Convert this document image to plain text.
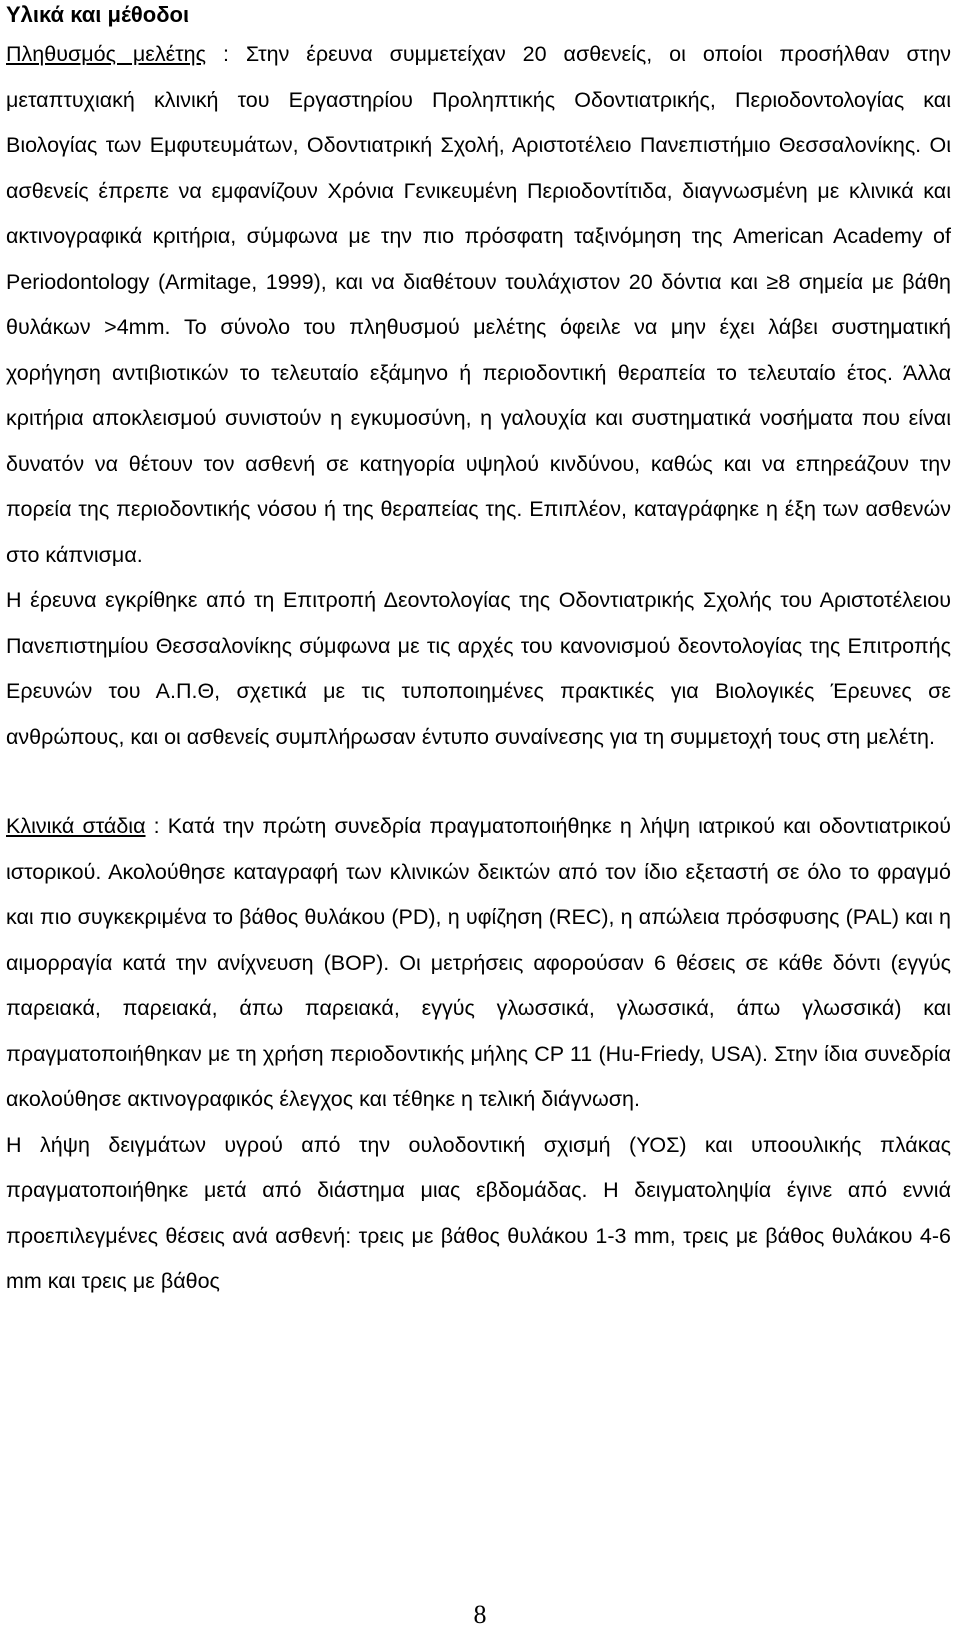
Υλικά και μέθοδοι

Πληθυσμός μελέτης : Στην έρευνα συμμετείχαν 20 ασθενείς, οι οποίοι προσήλθαν στην μεταπτυχιακή κλινική του Εργαστηρίου Προληπτικής Οδοντιατρικής, Περιοδοντολογίας και Βιολογίας των Εμφυτευμάτων, Οδοντιατρική Σχολή, Αριστοτέλειο Πανεπιστήμιο Θεσσαλονίκης. Οι ασθενείς έπρεπε να εμφανίζουν Χρόνια Γενικευμένη Περιοδοντίτιδα, διαγνωσμένη με κλινικά και ακτινογραφικά κριτήρια, σύμφωνα με την πιο πρόσφατη ταξινόμηση της American Academy of Periodontology (Armitage, 1999), και να διαθέτουν τουλάχιστον 20 δόντια και ≥8 σημεία με βάθη θυλάκων >4mm. Το σύνολο του πληθυσμού μελέτης όφειλε να μην έχει λάβει συστηματική χορήγηση αντιβιοτικών το τελευταίο εξάμηνο ή περιοδοντική θεραπεία το τελευταίο έτος. Άλλα κριτήρια αποκλεισμού συνιστούν η εγκυμοσύνη, η γαλουχία και συστηματικά νοσήματα που είναι δυνατόν να θέτουν τον ασθενή σε κατηγορία υψηλού κινδύνου, καθώς και να επηρεάζουν την πορεία της περιοδοντικής νόσου ή της θεραπείας της. Επιπλέον, καταγράφηκε η έξη των ασθενών στο κάπνισμα.

Η έρευνα εγκρίθηκε από τη Επιτροπή Δεοντολογίας της Οδοντιατρικής Σχολής του Αριστοτέλειου Πανεπιστημίου Θεσσαλονίκης σύμφωνα με τις αρχές του κανονισμού δεοντολογίας της Επιτροπής Ερευνών του Α.Π.Θ, σχετικά με τις τυποποιημένες πρακτικές για Βιολογικές Έρευνες σε ανθρώπους, και οι ασθενείς συμπλήρωσαν έντυπο συναίνεσης για τη συμμετοχή τους στη μελέτη.

Κλινικά στάδια : Κατά την πρώτη συνεδρία πραγματοποιήθηκε η λήψη ιατρικού και οδοντιατρικού ιστορικού. Ακολούθησε καταγραφή των κλινικών δεικτών από τον ίδιο εξεταστή σε όλο το φραγμό και πιο συγκεκριμένα το βάθος θυλάκου (PD), η υφίζηση (REC), η απώλεια πρόσφυσης (PAL) και η αιμορραγία κατά την ανίχνευση (BOP). Οι μετρήσεις αφορούσαν 6 θέσεις σε κάθε δόντι (εγγύς παρειακά, παρειακά, άπω παρειακά, εγγύς γλωσσικά, γλωσσικά, άπω γλωσσικά) και πραγματοποιήθηκαν με τη χρήση περιοδοντικής μήλης CP 11 (Hu-Friedy, USA). Στην ίδια συνεδρία ακολούθησε ακτινογραφικός έλεγχος και τέθηκε η τελική διάγνωση.

Η λήψη δειγμάτων υγρού από την ουλοδοντική σχισμή (ΥΟΣ) και υποουλικής πλάκας πραγματοποιήθηκε μετά από διάστημα μιας εβδομάδας. Η δειγματοληψία έγινε από εννιά προεπιλεγμένες θέσεις ανά ασθενή: τρεις με βάθος θυλάκου 1-3 mm, τρεις με βάθος θυλάκου 4-6 mm και τρεις με βάθος

8
